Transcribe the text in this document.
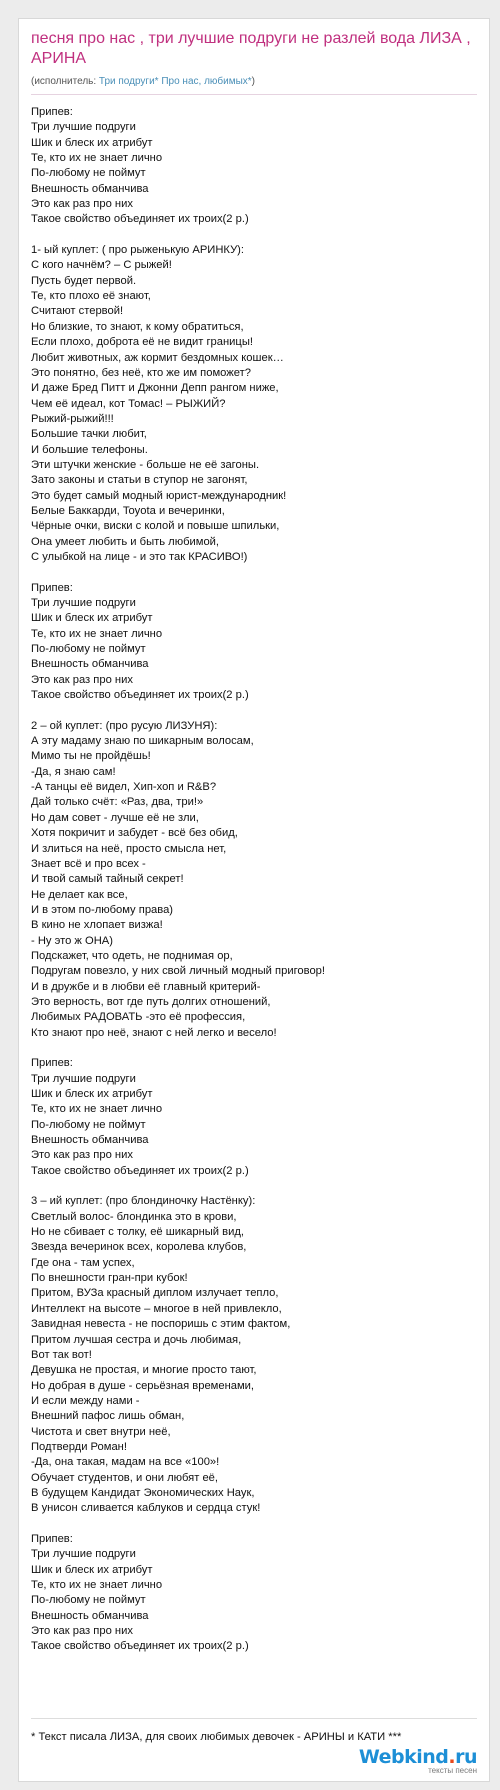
песня про нас , три лучшие подруги не разлей вода ЛИЗА , АРИНА
(исполнитель: Три подруги* Про нас, любимых*)
Припев:
Три лучшие подруги
Шик и блеск их атрибут
Те, кто их не знает лично
По-любому не поймут
Внешность обманчива
Это как раз про них
Такое свойство объединяет их троих(2 р.)

1- ый куплет: ( про рыженькую АРИНКУ):
С кого начнём? – С рыжей!
Пусть будет первой.
Те, кто плохо её знают,
Считают стервой!
Но близкие, то знают, к кому обратиться,
Если плохо, доброта её не видит границы!
Любит животных, аж кормит бездомных кошек…
Это понятно, без неё, кто же им поможет?
И даже Бред Питт и Джонни Депп рангом ниже,
Чем её идеал, кот Томас! – РЫЖИЙ?
Рыжий-рыжий!!!
Большие тачки любит,
И большие телефоны.
Эти штучки женские - больше не её загоны.
Зато законы и статьи в ступор не загонят,
Это будет самый модный юрист-международник!
Белые Баккарди, Toyota и вечеринки,
Чёрные очки, виски с колой и повыше шпильки,
Она умеет любить и быть любимой,
С улыбкой на лице - и это так КРАСИВО!)

Припев:
Три лучшие подруги
Шик и блеск их атрибут
Те, кто их не знает лично
По-любому не поймут
Внешность обманчива
Это как раз про них
Такое свойство объединяет их троих(2 р.)

2 – ой куплет: (про русую ЛИЗУНЯ):
А эту мадаму знаю по шикарным волосам,
Мимо ты не пройдёшь!
-Да, я знаю сам!
-А танцы её видел, Хип-хоп и R&B?
Дай только счёт: «Раз, два, три!»
Но дам совет - лучше её не зли,
Хотя покричит и забудет - всё без обид,
И злиться на неё, просто смысла нет,
Знает всё и про всех -
И твой самый тайный секрет!
Не делает как все,
И в этом по-любому права)
В кино не хлопает визжа!
- Ну это ж ОНА)
Подскажет, что одеть, не поднимая ор,
Подругам повезло, у них свой личный модный приговор!
И в дружбе и в любви её главный критерий-
Это верность, вот где путь долгих отношений,
Любимых РАДОВАТЬ -это её профессия,
Кто знают про неё, знают с ней легко и весело!

Припев:
Три лучшие подруги
Шик и блеск их атрибут
Те, кто их не знает лично
По-любому не поймут
Внешность обманчива
Это как раз про них
Такое свойство объединяет их троих(2 р.)

3 – ий куплет: (про блондиночку Настёнку):
Светлый волос- блондинка это в крови,
Но не сбивает с толку, её шикарный вид,
Звезда вечеринок всех, королева клубов,
Где она - там успех,
По внешности гран-при кубок!
Притом, ВУЗа красный диплом излучает тепло,
Интеллект на высоте – многое в ней привлекло,
Завидная невеста - не поспоришь с этим фактом,
Притом лучшая сестра и дочь любимая,
Вот так вот!
Девушка не простая, и многие просто тают,
Но добрая в душе - серьёзная временами,
И если между нами -
Внешний пафос лишь обман,
Чистота и свет внутри неё,
Подтверди Роман!
-Да, она такая, мадам на все «100»!
Обучает студентов, и они любят её,
В будущем Кандидат Экономических Наук,
В унисон сливается каблуков и сердца стук!

Припев:
Три лучшие подруги
Шик и блеск их атрибут
Те, кто их не знает лично
По-любому не поймут
Внешность обманчива
Это как раз про них
Такое свойство объединяет их троих(2 р.)
* Текст писала ЛИЗА, для своих любимых девочек - АРИНЫ и КАТИ ***
Webkind.ru
тексты песен
